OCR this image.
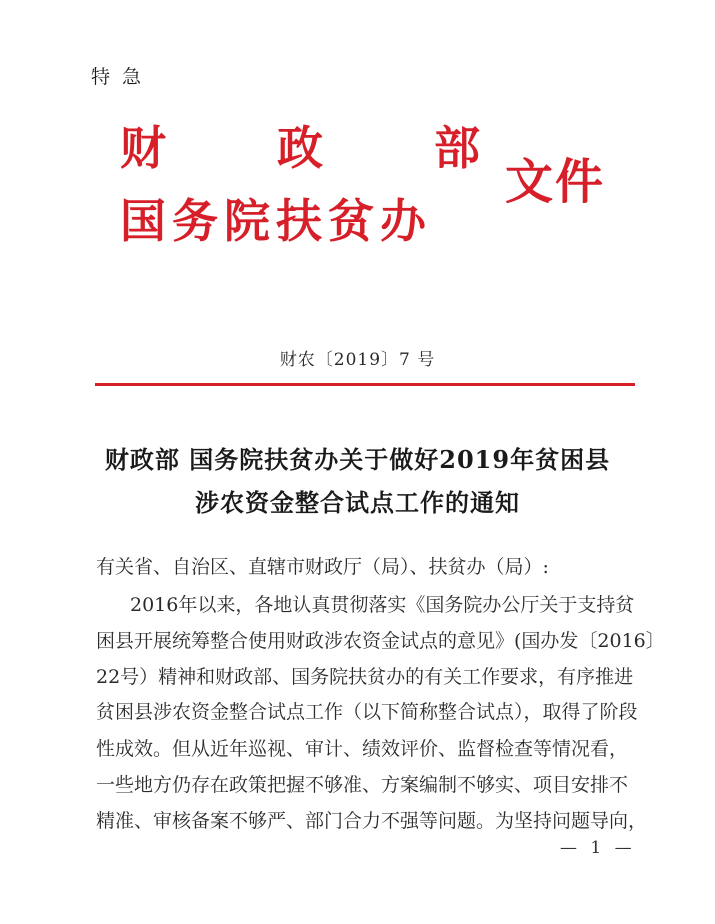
特急
财 政 部
国务院扶贫办
文件
财农〔2019〕7 号
财政部 国务院扶贫办关于做好2019年贫困县
涉农资金整合试点工作的通知
有关省、自治区、直辖市财政厅（局）、扶贫办（局）:
2016年以来，各地认真贯彻落实《国务院办公厅关于支持贫
困县开展统筹整合使用财政涉农资金试点的意见》(国办发〔2016〕
22号）精神和财政部、国务院扶贫办的有关工作要求，有序推进
贫困县涉农资金整合试点工作（以下简称整合试点），取得了阶段
性成效。但从近年巡视、审计、绩效评价、监督检查等情况看，
一些地方仍存在政策把握不够准、方案编制不够实、项目安排不
精准、审核备案不够严、部门合力不强等问题。为坚持问题导向，
— 1 —
